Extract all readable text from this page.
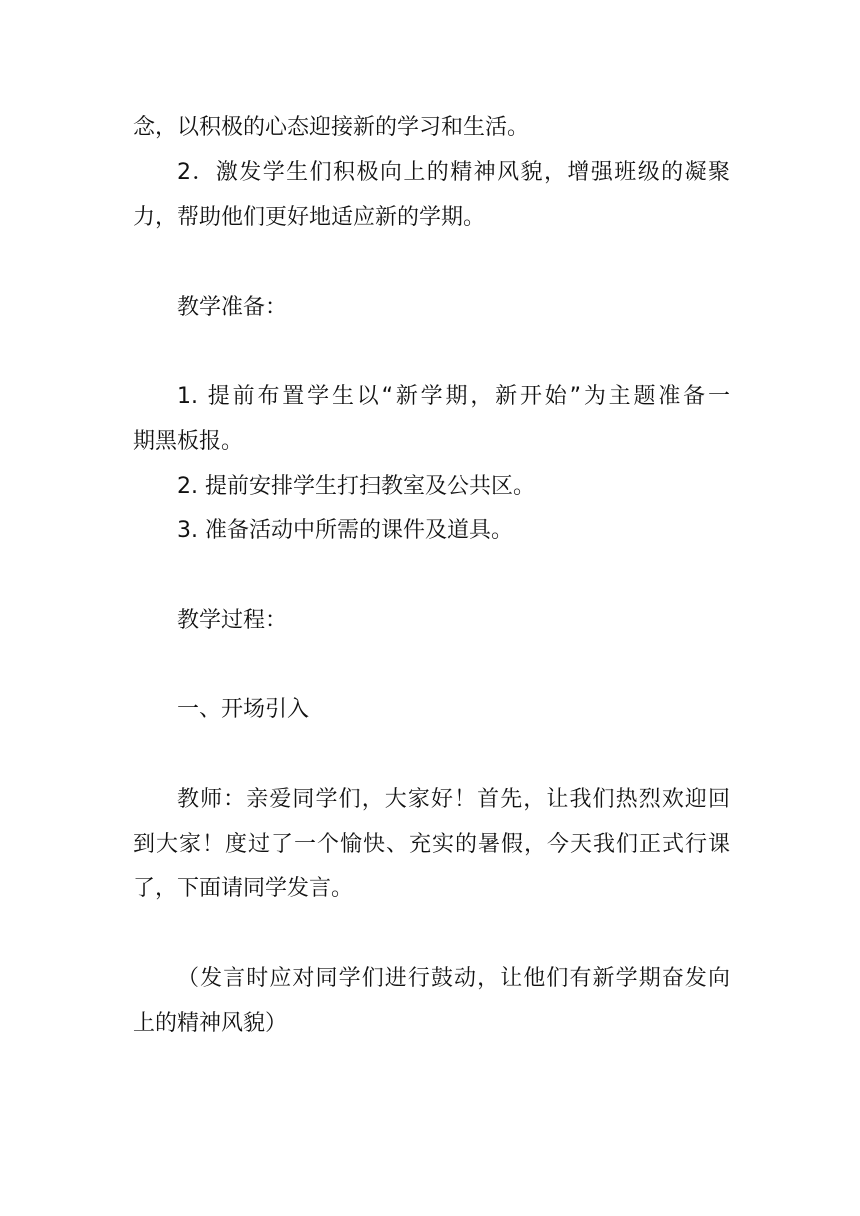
念，以积极的心态迎接新的学习和生活。
2．激发学生们积极向上的精神风貌，增强班级的凝聚
力，帮助他们更好地适应新的学期。
教学准备：
1. 提前布置学生以“新学期，新开始”为主题准备一
期黑板报。
2. 提前安排学生打扫教室及公共区。
3. 准备活动中所需的课件及道具。
教学过程：
一、开场引入
教师：亲爱同学们，大家好！首先，让我们热烈欢迎回
到大家！度过了一个愉快、充实的暑假，今天我们正式行课
了，下面请同学发言。
（发言时应对同学们进行鼓动，让他们有新学期奋发向
上的精神风貌）
